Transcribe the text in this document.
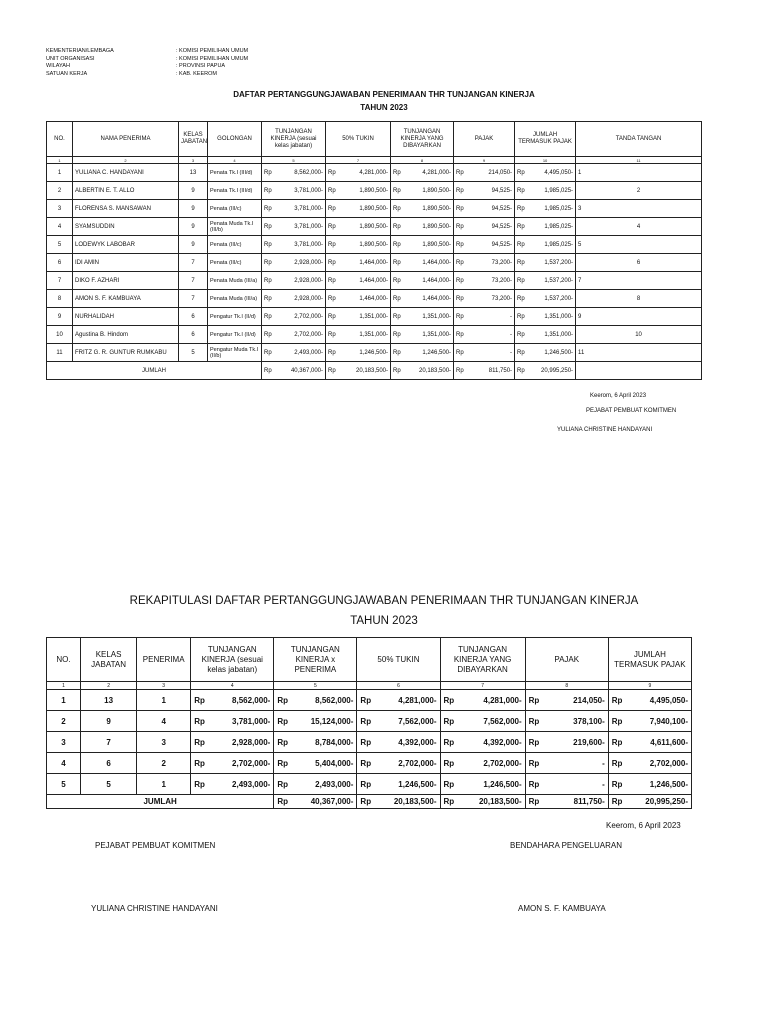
KEMENTERIAN/LEMBAGA	: KOMISI PEMILIHAN UMUM
UNIT ORGANISASI	: KOMISI PEMILIHAN UMUM
WILAYAH	: PROVINSI PAPUA
SATUAN KERJA	: KAB. KEEROM
DAFTAR PERTANGGUNGJAWABAN PENERIMAAN THR TUNJANGAN KINERJA
TAHUN 2023
NO.	NAMA PENERIMA	KELAS JABATAN	GOLONGAN	TUNJANGAN KINERJA (sesuai kelas jabatan)		50% TUKIN		TUNJANGAN KINERJA YANG DIBAYARKAN		PAJAK		JUMLAH TERMASUK PAJAK		TANDA TANGAN
1	2	3	4	5		7		8		9		10		11
1	YULIANA C. HANDAYANI	13	Penata Tk.I (III/d)	Rp	8,562,000-	Rp	4,281,000-	Rp	4,281,000-	Rp	214,050-	Rp	4,495,050-	1
2	ALBERTIN E. T. ALLO	9	Penata Tk.I (III/d)	Rp	3,781,000-	Rp	1,890,500-	Rp	1,890,500-	Rp	94,525-	Rp	1,985,025-	2
3	FLORENSA S. MANSAWAN	9	Penata (III/c)	Rp	3,781,000-	Rp	1,890,500-	Rp	1,890,500-	Rp	94,525-	Rp	1,985,025-	3
4	SYAMSUDDIN	9	Penata Muda Tk.I (III/b)	Rp	3,781,000-	Rp	1,890,500-	Rp	1,890,500-	Rp	94,525-	Rp	1,985,025-	4
5	LODEWYK LABOBAR	9	Penata (III/c)	Rp	3,781,000-	Rp	1,890,500-	Rp	1,890,500-	Rp	94,525-	Rp	1,985,025-	5
6	IDI AMIN	7	Penata (III/c)	Rp	2,928,000-	Rp	1,464,000-	Rp	1,464,000-	Rp	73,200-	Rp	1,537,200-	6
7	DIKO F. AZHARI	7	Penata Muda (III/a)	Rp	2,928,000-	Rp	1,464,000-	Rp	1,464,000-	Rp	73,200-	Rp	1,537,200-	7
8	AMON S. F. KAMBUAYA	7	Penata Muda (III/a)	Rp	2,928,000-	Rp	1,464,000-	Rp	1,464,000-	Rp	73,200-	Rp	1,537,200-	8
9	NURHALIDAH	6	Pengatur Tk.I (II/d)	Rp	2,702,000-	Rp	1,351,000-	Rp	1,351,000-	Rp	-	Rp	1,351,000-	9
10	Agustina B. Hindom	6	Pengatur Tk.I (II/d)	Rp	2,702,000-	Rp	1,351,000-	Rp	1,351,000-	Rp	-	Rp	1,351,000-	10
11	FRITZ G. R. GUNTUR RUMKABU	5	Pengatur Muda Tk.I (II/b)	Rp	2,493,000-	Rp	1,246,500-	Rp	1,246,500-	Rp	-	Rp	1,246,500-	11
JUMLAH				Rp	40,367,000-	Rp	20,183,500-	Rp	20,183,500-	Rp	811,750-	Rp	20,995,250-	
Keerom, 6 April 2023
PEJABAT PEMBUAT KOMITMEN
YULIANA CHRISTINE HANDAYANI
REKAPITULASI DAFTAR PERTANGGUNGJAWABAN PENERIMAAN THR TUNJANGAN KINERJA
TAHUN 2023
NO.	KELAS JABATAN	PENERIMA	TUNJANGAN KINERJA (sesuai kelas jabatan)		TUNJANGAN KINERJA x PENERIMA		50% TUKIN		TUNJANGAN KINERJA YANG DIBAYARKAN		PAJAK		JUMLAH TERMASUK PAJAK	
1	2	3	4		5		6		7		8		9	
1	13	1	Rp	8,562,000-	Rp	8,562,000-	Rp	4,281,000-	Rp	4,281,000-	Rp	214,050-	Rp	4,495,050-
2	9	4	Rp	3,781,000-	Rp	15,124,000-	Rp	7,562,000-	Rp	7,562,000-	Rp	378,100-	Rp	7,940,100-
3	7	3	Rp	2,928,000-	Rp	8,784,000-	Rp	4,392,000-	Rp	4,392,000-	Rp	219,600-	Rp	4,611,600-
4	6	2	Rp	2,702,000-	Rp	5,404,000-	Rp	2,702,000-	Rp	2,702,000-	Rp	-	Rp	2,702,000-
5	5	1	Rp	2,493,000-	Rp	2,493,000-	Rp	1,246,500-	Rp	1,246,500-	Rp	-	Rp	1,246,500-
JUMLAH					Rp	40,367,000-	Rp	20,183,500-	Rp	20,183,500-	Rp	811,750-	Rp	20,995,250-
Keerom, 6 April 2023
PEJABAT PEMBUAT KOMITMEN	BENDAHARA PENGELUARAN
YULIANA CHRISTINE HANDAYANI	AMON S. F. KAMBUAYA
